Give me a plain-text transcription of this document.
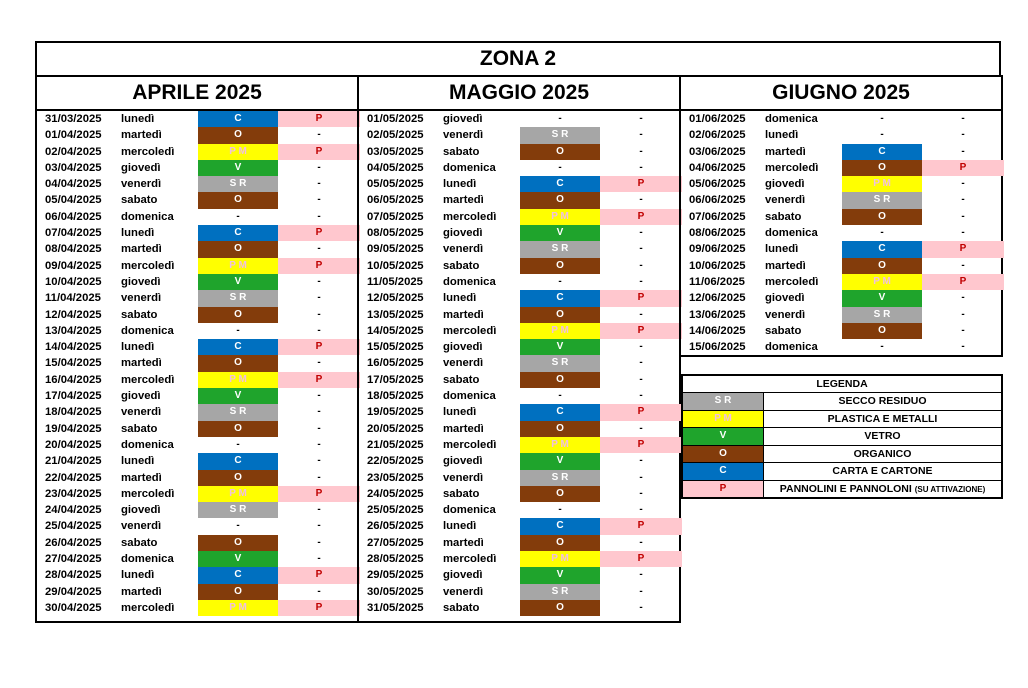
ZONA 2
APRILE 2025
31/03/2025 lunedì	C	P
01/04/2025 martedì	O	-
02/04/2025 mercoledì	P M	P
03/04/2025 giovedì	V	-
04/04/2025 venerdì	S R	-
05/04/2025 sabato	O	-
06/04/2025 domenica	-	-
07/04/2025 lunedì	C	P
08/04/2025 martedì	O	-
09/04/2025 mercoledì	P M	P
10/04/2025 giovedì	V	-
11/04/2025 venerdì	S R	-
12/04/2025 sabato	O	-
13/04/2025 domenica	-	-
14/04/2025 lunedì	C	P
15/04/2025 martedì	O	-
16/04/2025 mercoledì	P M	P
17/04/2025 giovedì	V	-
18/04/2025 venerdì	S R	-
19/04/2025 sabato	O	-
20/04/2025 domenica	-	-
21/04/2025 lunedì	C	-
22/04/2025 martedì	O	-
23/04/2025 mercoledì	P M	P
24/04/2025 giovedì	S R	-
25/04/2025 venerdì	-	-
26/04/2025 sabato	O	-
27/04/2025 domenica	V	-
28/04/2025 lunedì	C	P
29/04/2025 martedì	O	-
30/04/2025 mercoledì	P M	P
MAGGIO 2025
01/05/2025 giovedì	-	-
02/05/2025 venerdì	S R	-
03/05/2025 sabato	O	-
04/05/2025 domenica	-	-
05/05/2025 lunedì	C	P
06/05/2025 martedì	O	-
07/05/2025 mercoledì	P M	P
08/05/2025 giovedì	V	-
09/05/2025 venerdì	S R	-
10/05/2025 sabato	O	-
11/05/2025 domenica	-	-
12/05/2025 lunedì	C	P
13/05/2025 martedì	O	-
14/05/2025 mercoledì	P M	P
15/05/2025 giovedì	V	-
16/05/2025 venerdì	S R	-
17/05/2025 sabato	O	-
18/05/2025 domenica	-	-
19/05/2025 lunedì	C	P
20/05/2025 martedì	O	-
21/05/2025 mercoledì	P M	P
22/05/2025 giovedì	V	-
23/05/2025 venerdì	S R	-
24/05/2025 sabato	O	-
25/05/2025 domenica	-	-
26/05/2025 lunedì	C	P
27/05/2025 martedì	O	-
28/05/2025 mercoledì	P M	P
29/05/2025 giovedì	V	-
30/05/2025 venerdì	S R	-
31/05/2025 sabato	O	-
GIUGNO 2025
01/06/2025 domenica	-	-
02/06/2025 lunedì	-	-
03/06/2025 martedì	C	-
04/06/2025 mercoledì	O	P
05/06/2025 giovedì	P M	-
06/06/2025 venerdì	S R	-
07/06/2025 sabato	O	-
08/06/2025 domenica	-	-
09/06/2025 lunedì	C	P
10/06/2025 martedì	O	-
11/06/2025 mercoledì	P M	P
12/06/2025 giovedì	V	-
13/06/2025 venerdì	S R	-
14/06/2025 sabato	O	-
15/06/2025 domenica	-	-
LEGENDA
S R	SECCO RESIDUO
P M	PLASTICA E METALLI
V	VETRO
O	ORGANICO
C	CARTA E CARTONE
P	PANNOLINI E PANNOLONI (SU ATTIVAZIONE)
